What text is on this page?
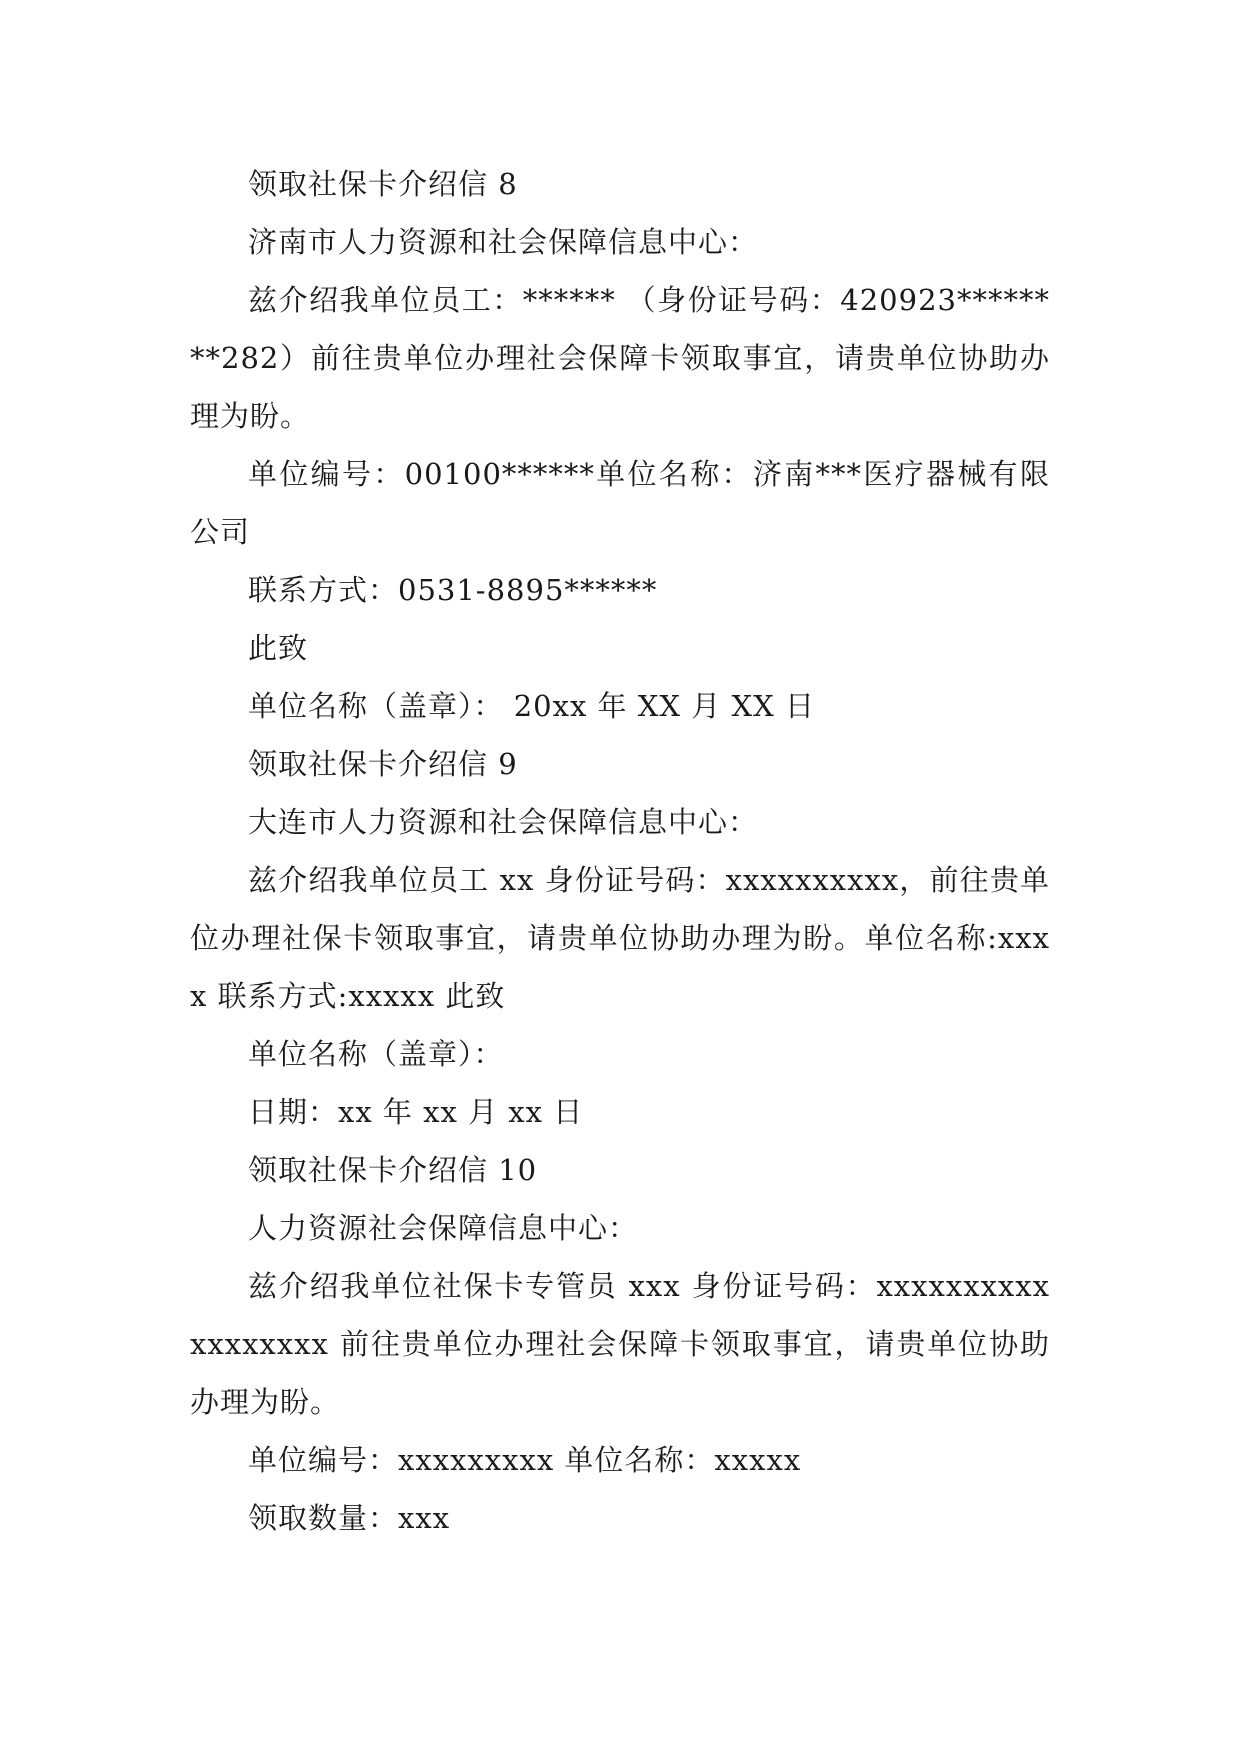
领取社保卡介绍信 8

济南市人力资源和社会保障信息中心：

兹介绍我单位员工：****** （身份证号码：420923********282）前往贵单位办理社会保障卡领取事宜，请贵单位协助办理为盼。

单位编号：00100******单位名称：济南***医疗器械有限公司

联系方式：0531-8895******

此致

单位名称（盖章）： 20xx 年 XX 月 XX 日

领取社保卡介绍信 9

大连市人力资源和社会保障信息中心：

兹介绍我单位员工 xx 身份证号码：xxxxxxxxxx，前往贵单位办理社保卡领取事宜，请贵单位协助办理为盼。单位名称:xxxx 联系方式:xxxxx 此致

单位名称（盖章）：

日期：xx 年 xx 月 xx 日

领取社保卡介绍信 10

人力资源社会保障信息中心：

兹介绍我单位社保卡专管员 xxx 身份证号码：xxxxxxxxxxxxxxxxxx 前往贵单位办理社会保障卡领取事宜，请贵单位协助办理为盼。

单位编号：xxxxxxxxx 单位名称：xxxxx

领取数量：xxx
